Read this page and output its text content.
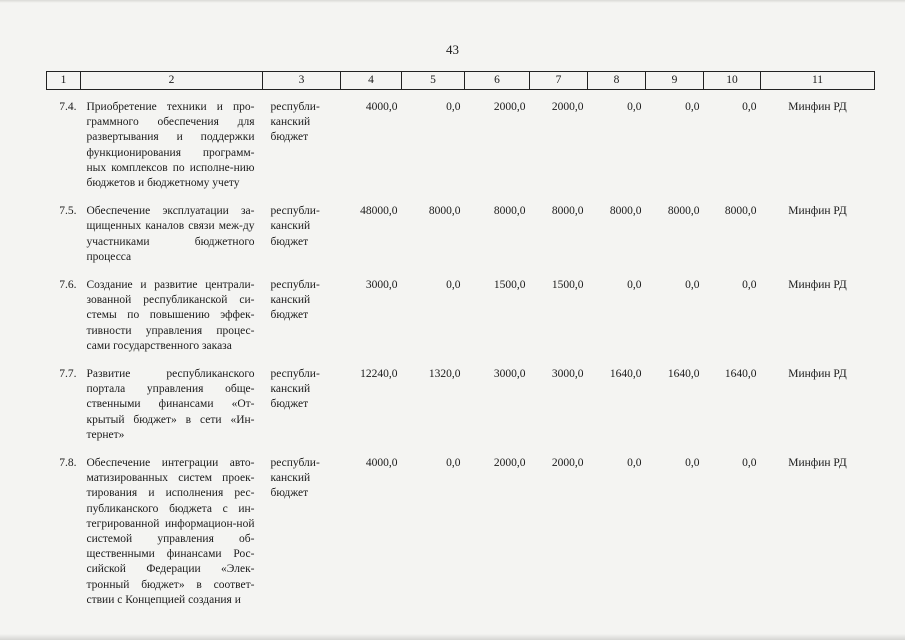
43
1	2	3	4	5	6	7	8	9	10	11
7.4.	Приобретение техники и про-граммного обеспечения для развертывания и поддержки функционирования программ-ных комплексов по исполне-нию бюджетов и бюджетному учету	республи-канский бюджет	4000,0	0,0	2000,0	2000,0	0,0	0,0	0,0	Минфин РД
7.5.	Обеспечение эксплуатации за-щищенных каналов связи меж-ду участниками бюджетного процесса	республи-канский бюджет	48000,0	8000,0	8000,0	8000,0	8000,0	8000,0	8000,0	Минфин РД
7.6.	Создание и развитие централи-зованной республиканской си-стемы по повышению эффек-тивности управления процес-сами государственного заказа	республи-канский бюджет	3000,0	0,0	1500,0	1500,0	0,0	0,0	0,0	Минфин РД
7.7.	Развитие республиканского портала управления обще-ственными финансами «От-крытый бюджет» в сети «Ин-тернет»	республи-канский бюджет	12240,0	1320,0	3000,0	3000,0	1640,0	1640,0	1640,0	Минфин РД
7.8.	Обеспечение интеграции авто-матизированных систем проек-тирования и исполнения рес-публиканского бюджета с ин-тегрированной информацион-ной системой управления об-щественными финансами Рос-сийской Федерации «Элек-тронный бюджет» в соответ-ствии с Концепцией создания и	республи-канский бюджет	4000,0	0,0	2000,0	2000,0	0,0	0,0	0,0	Минфин РД
